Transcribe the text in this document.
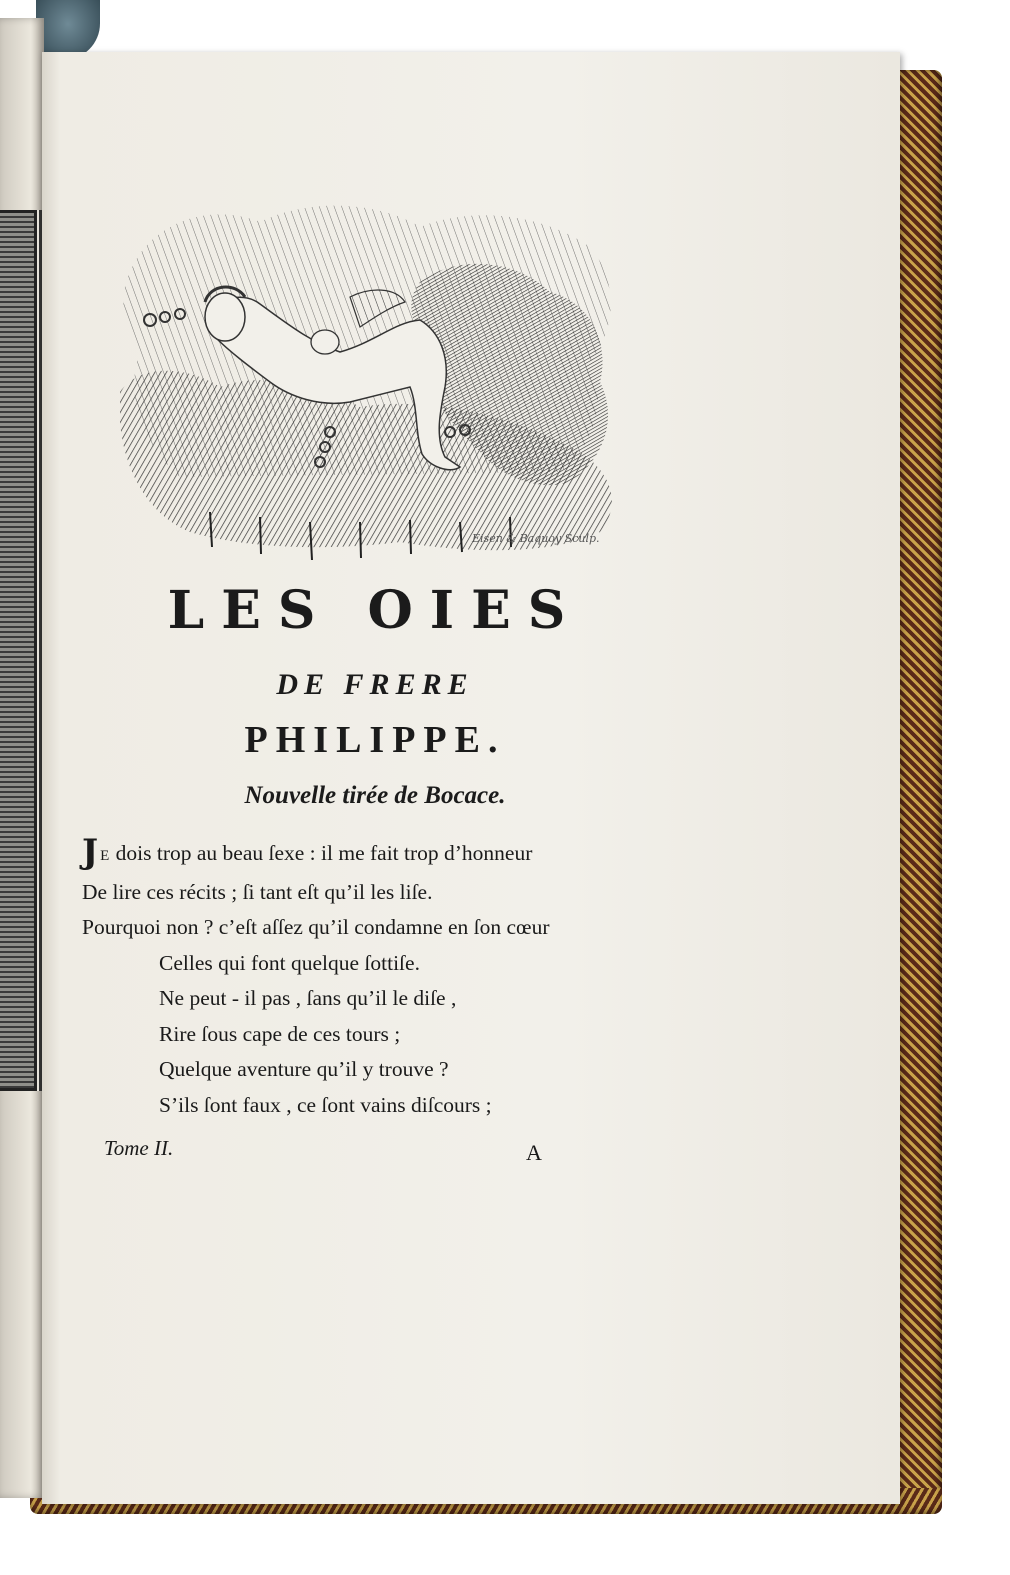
Eisen & Baquoy Sculp.
LES OIES
DE FRERE
PHILIPPE.
Nouvelle tirée de Bocace.
J E dois trop au beau ſexe : il me fait trop d’honneur
De lire ces récits ; ſi tant eſt qu’il les liſe.
Pourquoi non ? c’eſt aſſez qu’il condamne en ſon cœur
Celles qui font quelque ſottiſe.
Ne peut - il pas , ſans qu’il le diſe ,
Rire ſous cape de ces tours ;
Quelque aventure qu’il y trouve ?
S’ils ſont faux , ce ſont vains diſcours ;
Tome II.	A
